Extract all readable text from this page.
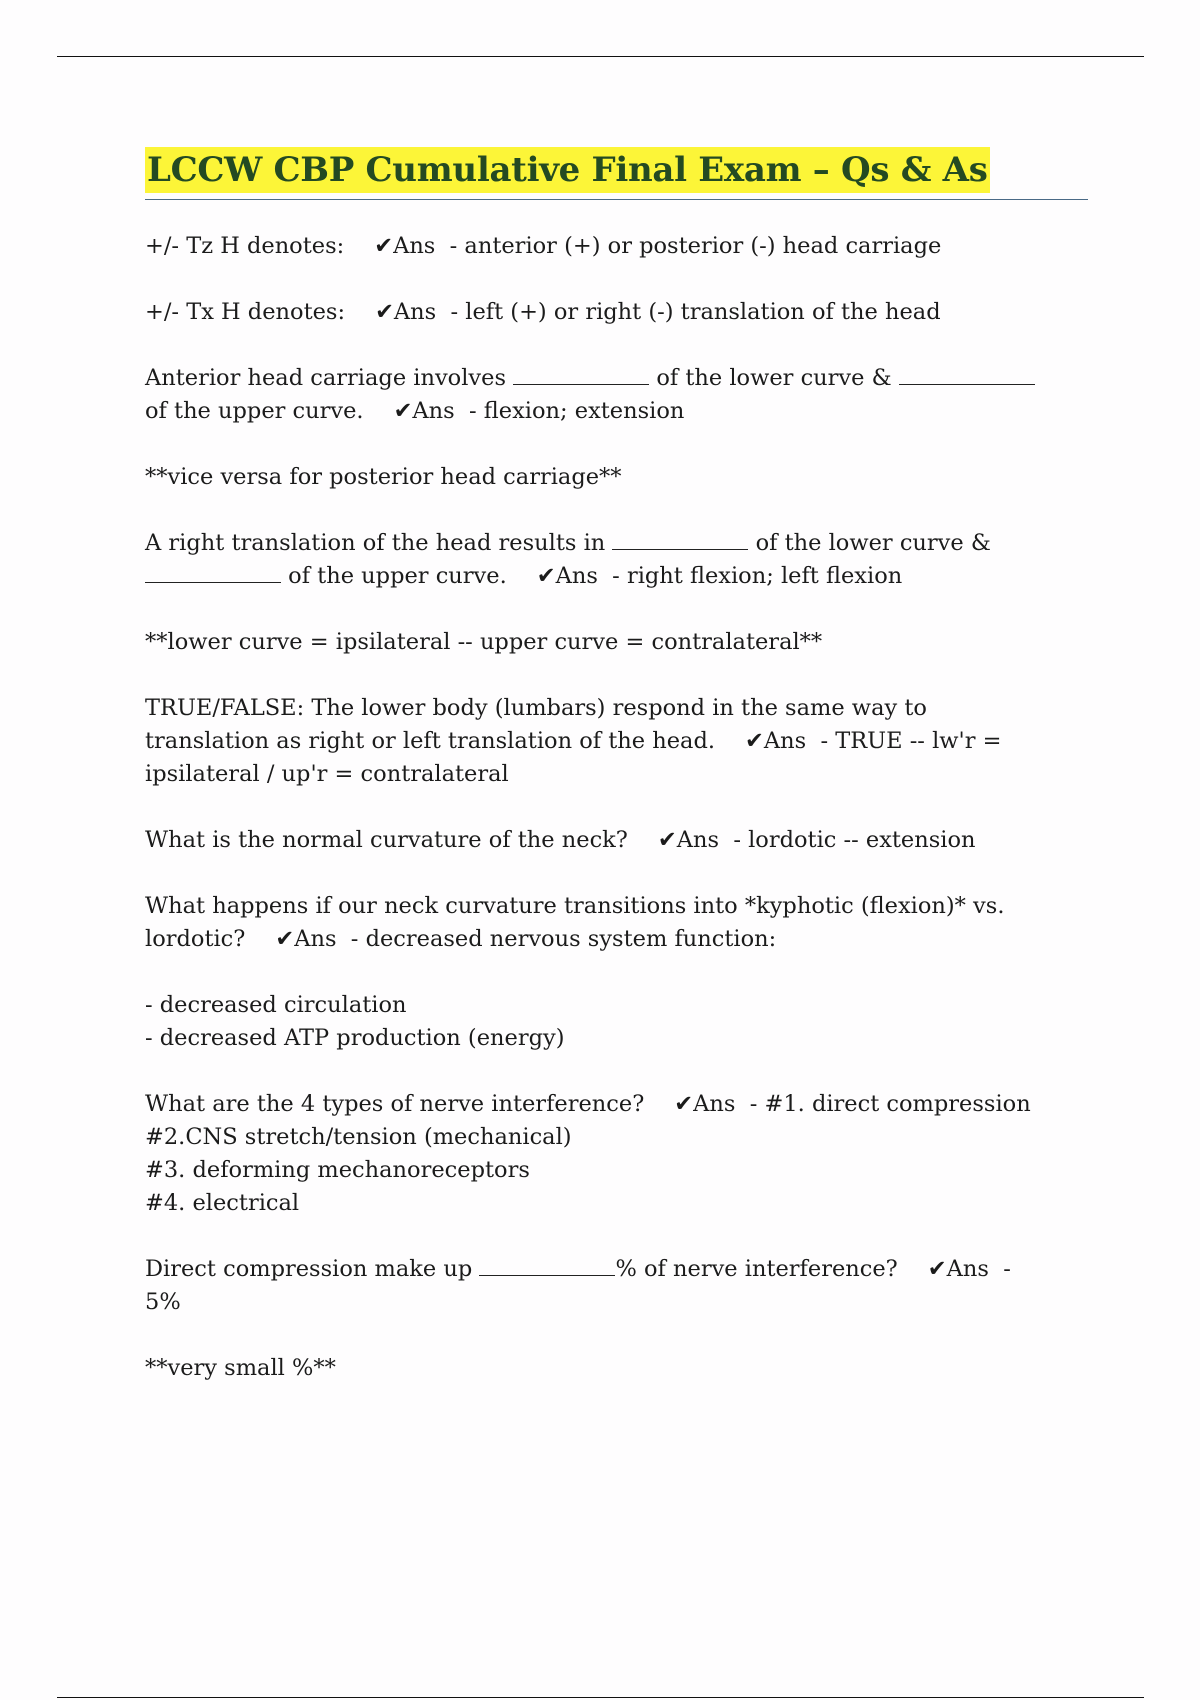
LCCW CBP Cumulative Final Exam – Qs & As
+/- Tz H denotes: ✔Ans  - anterior (+) or posterior (-) head carriage
+/- Tx H denotes: ✔Ans  - left (+) or right (-) translation of the head
Anterior head carriage involves	of the lower curve &
of the upper curve. ✔Ans  - flexion; extension
**vice versa for posterior head carriage**
A right translation of the head results in	of the lower curve &
of the upper curve. ✔Ans  - right flexion; left flexion
**lower curve = ipsilateral -- upper curve = contralateral**
TRUE/FALSE: The lower body (lumbars) respond in the same way to
translation as right or left translation of the head. ✔Ans  - TRUE -- lw'r =
ipsilateral / up'r = contralateral
What is the normal curvature of the neck? ✔Ans  - lordotic -- extension
What happens if our neck curvature transitions into *kyphotic (flexion)* vs.
lordotic? ✔Ans  - decreased nervous system function:
- decreased circulation
- decreased ATP production (energy)
What are the 4 types of nerve interference? ✔Ans  - #1. direct compression
#2.CNS stretch/tension (mechanical)
#3. deforming mechanoreceptors
#4. electrical
Direct compression make up	% of nerve interference? ✔Ans  -
5%
**very small %**
